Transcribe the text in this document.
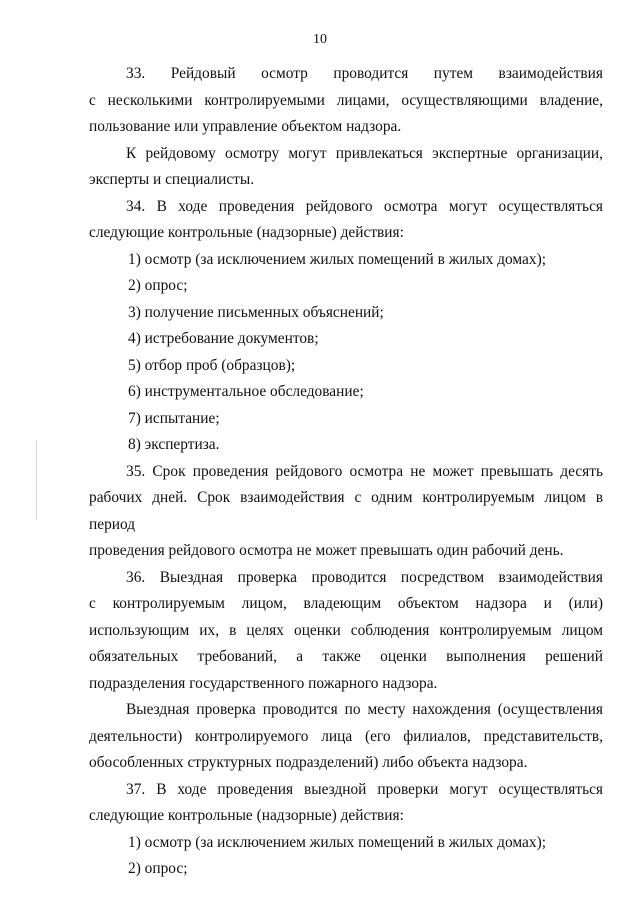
10

33. Рейдовый осмотр проводится путем взаимодействия

с несколькими контролируемыми лицами, осуществляющими владение,

пользование или управление объектом надзора.

К рейдовому осмотру могут привлекаться экспертные организации,

эксперты и специалисты.

34. В ходе проведения рейдового осмотра могут осуществляться

следующие контрольные (надзорные) действия:

1) осмотр (за исключением жилых помещений в жилых домах);

2) опрос;

3) получение письменных объяснений;

4) истребование документов;

5) отбор проб (образцов);

6) инструментальное обследование;

7) испытание;

8) экспертиза.

35. Срок проведения рейдового осмотра не может превышать десять

рабочих дней. Срок взаимодействия с одним контролируемым лицом в период

проведения рейдового осмотра не может превышать один рабочий день.

36. Выездная проверка проводится посредством взаимодействия

с контролируемым лицом, владеющим объектом надзора и (или)

использующим их, в целях оценки соблюдения контролируемым лицом

обязательных требований, а также оценки выполнения решений

подразделения государственного пожарного надзора.

Выездная проверка проводится по месту нахождения (осуществления

деятельности) контролируемого лица (его филиалов, представительств,

обособленных структурных подразделений) либо объекта надзора.

37. В ходе проведения выездной проверки могут осуществляться

следующие контрольные (надзорные) действия:

1) осмотр (за исключением жилых помещений в жилых домах);

2) опрос;
